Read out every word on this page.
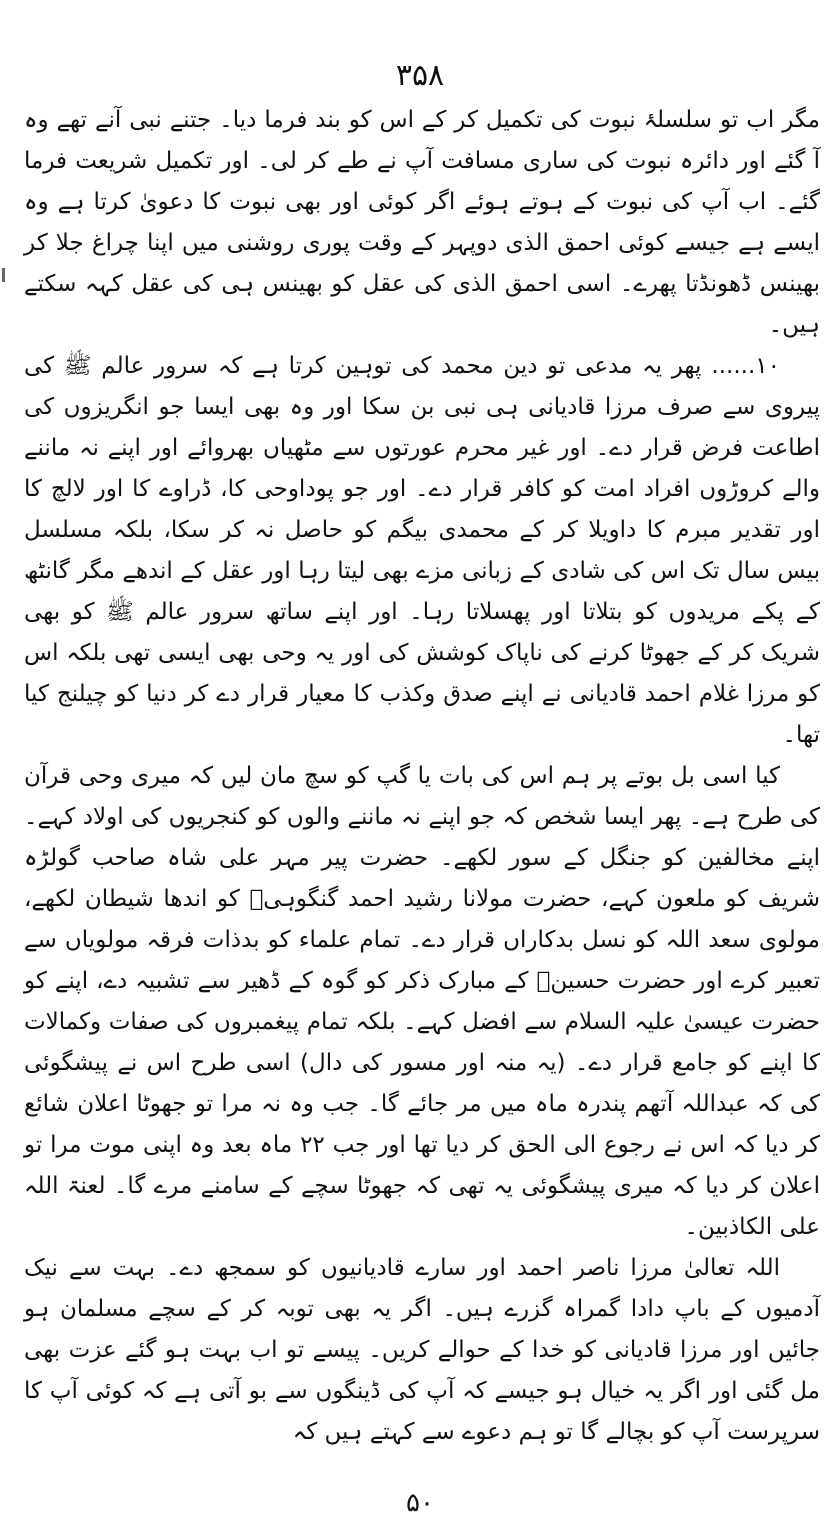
۳۵۸

مگر اب تو سلسلۂ نبوت کی تکمیل کر کے اس کو بند فرما دیا۔ جتنے نبی آنے تھے وہ آ گئے اور دائرہ نبوت کی ساری مسافت آپ نے طے کر لی۔ اور تکمیل شریعت فرما گئے۔ اب آپ کی نبوت کے ہوتے ہوئے اگر کوئی اور بھی نبوت کا دعویٰ کرتا ہے وہ ایسے ہے جیسے کوئی احمق الذی دوپہر کے وقت پوری روشنی میں اپنا چراغ جلا کر بھینس ڈھونڈتا پھرے۔ اسی احمق الذی کی عقل کو بھینس ہی کی عقل کہہ سکتے ہیں۔

۱۰......پھر یہ مدعی تو دین محمد کی توہین کرتا ہے کہ سرور عالم ﷺ کی پیروی سے صرف مرزا قادیانی ہی نبی بن سکا اور وہ بھی ایسا جو انگریزوں کی اطاعت فرض قرار دے۔ اور غیر محرم عورتوں سے مٹھیاں بھروائے اور اپنے نہ ماننے والے کروڑوں افراد امت کو کافر قرار دے۔ اور جو پوداوحی کا، ڈراوے کا اور لالچ کا اور تقدیر مبرم کا داویلا کر کے محمدی بیگم کو حاصل نہ کر سکا، بلکہ مسلسل بیس سال تک اس کی شادی کے زبانی مزے بھی لیتا رہا اور عقل کے اندھے مگر گانٹھ کے پکے مریدوں کو بتلاتا اور پھسلاتا رہا۔ اور اپنے ساتھ سرور عالم ﷺ کو بھی شریک کر کے جھوٹا کرنے کی ناپاک کوشش کی اور یہ وحی بھی ایسی تھی بلکہ اس کو مرزا غلام احمد قادیانی نے اپنے صدق وکذب کا معیار قرار دے کر دنیا کو چیلنج کیا تھا۔

کیا اسی بل بوتے پر ہم اس کی بات یا گپ کو سچ مان لیں کہ میری وحی قرآن کی طرح ہے۔ پھر ایسا شخص کہ جو اپنے نہ ماننے والوں کو کنجریوں کی اولاد کہے۔ اپنے مخالفین کو جنگل کے سور لکھے۔ حضرت پیر مہر علی شاہ صاحب گولڑہ شریف کو ملعون کہے، حضرت مولانا رشید احمد گنگوہیؒ کو اندھا شیطان لکھے، مولوی سعد اللہ کو نسل بدکاراں قرار دے۔ تمام علماء کو بدذات فرقہ مولویاں سے تعبیر کرے اور حضرت حسینؓ کے مبارک ذکر کو گوہ کے ڈھیر سے تشبیہ دے، اپنے کو حضرت عیسیٰ علیہ السلام سے افضل کہے۔ بلکہ تمام پیغمبروں کی صفات وکمالات کا اپنے کو جامع قرار دے۔ (یہ منہ اور مسور کی دال) اسی طرح اس نے پیشگوئی کی کہ عبداللہ آتھم پندرہ ماہ میں مر جائے گا۔ جب وہ نہ مرا تو جھوٹا اعلان شائع کر دیا کہ اس نے رجوع الی الحق کر دیا تھا اور جب ۲۲ ماہ بعد وہ اپنی موت مرا تو اعلان کر دیا کہ میری پیشگوئی یہ تھی کہ جھوٹا سچے کے سامنے مرے گا۔ لعنۃ اللہ علی الکاذبین۔

اللہ تعالیٰ مرزا ناصر احمد اور سارے قادیانیوں کو سمجھ دے۔ بہت سے نیک آدمیوں کے باپ دادا گمراہ گزرے ہیں۔ اگر یہ بھی توبہ کر کے سچے مسلمان ہو جائیں اور مرزا قادیانی کو خدا کے حوالے کریں۔ پیسے تو اب بہت ہو گئے عزت بھی مل گئی اور اگر یہ خیال ہو جیسے کہ آپ کی ڈینگوں سے بو آتی ہے کہ کوئی آپ کا سرپرست آپ کو بچالے گا تو ہم دعوے سے کہتے ہیں کہ

۵۰
